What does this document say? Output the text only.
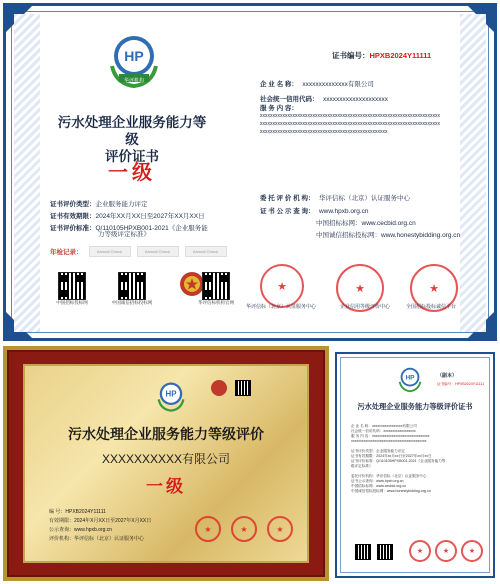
HP
华评机构
证书编号：HPXB2024Y11111
污水处理企业服务能力等级
评价证书
一级
企 业 名 称： xxxxxxxxxxxxxx有限公司
社会统一信用代码： xxxxxxxxxxxxxxxxxxxx
服 务 内 容：
xxxxxxxxxxxxxxxxxxxxxxxxxxxxxxxxxxxxxxxxxxxxxxxxxxxxxxxxxxxxxxxxxxxxxxxx
xxxxxxxxxxxxxxxxxxxxxxxxxxxxxxxxxxxxxxxxxxxxxxxxxxxxxxxxxxxxxxxxxxxxxxxx
xxxxxxxxxxxxxxxxxxxxxxxxxxxxxxxxxxxxxxxxxxxxxxxxxxx
证书评价类型：企业服务能力评定
证书有效期限：2024年XX月XX日至2027年XX月XX日
证书评价标准：Q/110105HPXB001-2021《企业服务能
力等级评定标准》
年检记录：	Annual Check	Annual Check	Annual Check
委 托 评 价 机 构： 华评信标（北京）认证服务中心
证 书 公 示 查 询： www.hpxb.org.cn
中国招标标网：www.cecbid.org.cn
中国诚信招标投标网：www.honestybidding.org.cn
中国招标投标网	中国诚信招标投标网	华评信标机构官网
★	★	★
华评信标（北京）认证服务中心	企业信用等级评价中心	全国招标投标诚信平台
HP
污水处理企业服务能力等级评价
XXXXXXXXXX有限公司
一级
编 号：HPXB2024Y11111
有效期限：2024年X月XX日至2027年X月XX日
公示查询：www.hpxb.org.cn
评价机构：华评信标（北京）认证服务中心
★	★	★
HP	（副本）
证书编号：HPXB2024Y11111
污水处理企业服务能力等级评价证书
企 业 名 称：xxxxxxxxxxxxxxxxx有限公司
社会统一信用代码：xxxxxxxxxxxxxxxxxx
服 务 内 容：xxxxxxxxxxxxxxxxxxxxxxxxxxxxxxxx
xxxxxxxxxxxxxxxxxxxxxxxxxxxxxxxxxxxxxxxxxx
证书评价类型：企业服务能力评定
证书有效期限：2024年xx月xx日至2027年xx月xx日
证书评价标准：Q/110105HPXB001-2021《企业服务能力等
级评定标准》
委托评价机构：华评信标（北京）认证服务中心
证书公示查询：www.hpxb.org.cn
中国招标标网：www.cecbid.org.cn
中国诚信招标投标网：www.honestybidding.org.cn
★	★	★
